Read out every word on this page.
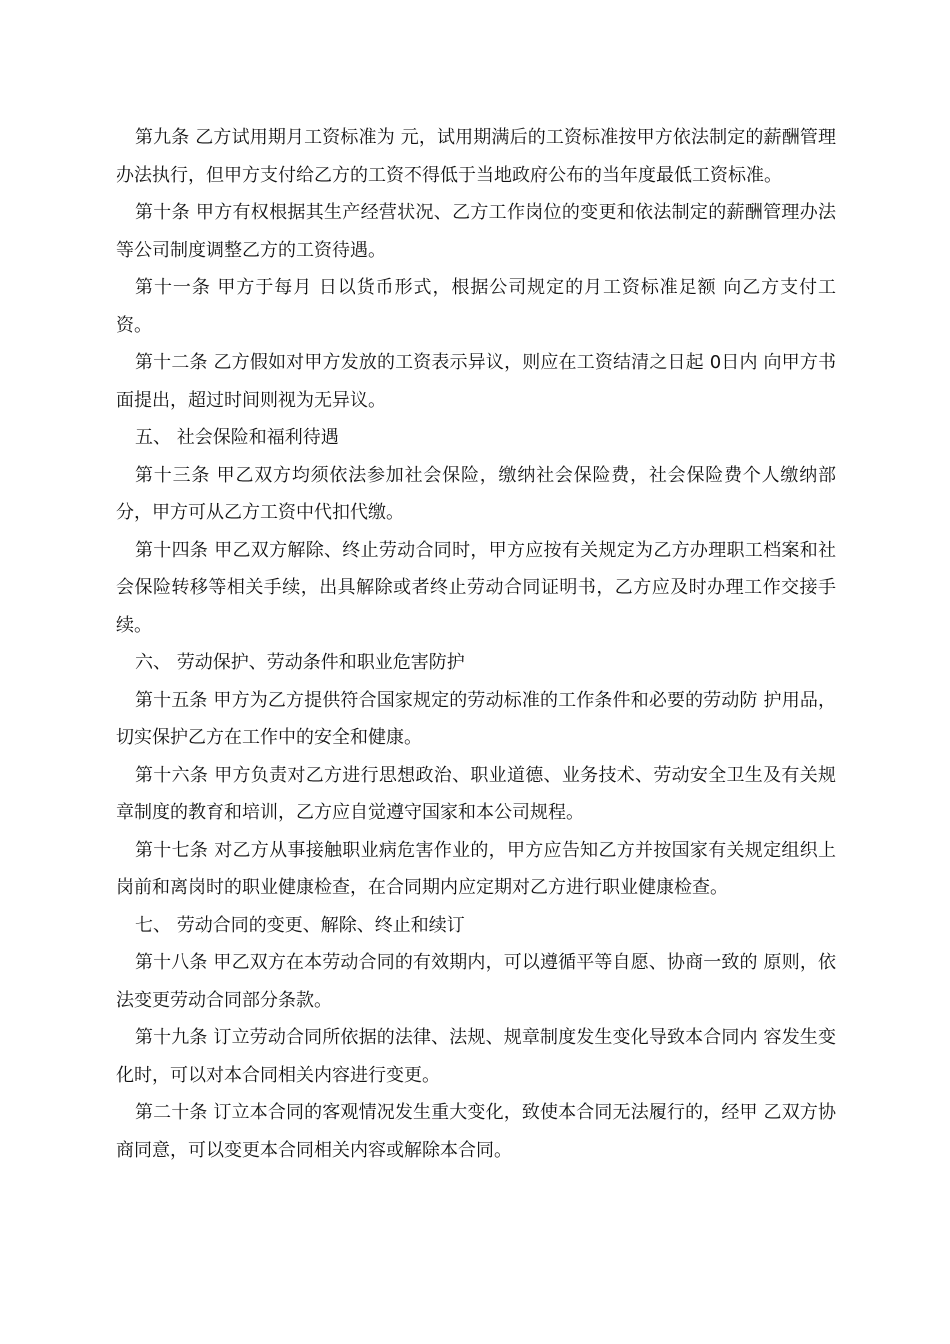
第九条 乙方试用期月工资标准为 元，试用期满后的工资标准按甲方依法制定的薪酬管理办法执行，但甲方支付给乙方的工资不得低于当地政府公布的当年度最低工资标准。

第十条 甲方有权根据其生产经营状况、乙方工作岗位的变更和依法制定的薪酬管理办法等公司制度调整乙方的工资待遇。

第十一条 甲方于每月 日以货币形式，根据公司规定的月工资标准足额 向乙方支付工资。

第十二条 乙方假如对甲方发放的工资表示异议，则应在工资结清之日起 0日内 向甲方书面提出，超过时间则视为无异议。

五、 社会保险和福利待遇

第十三条 甲乙双方均须依法参加社会保险，缴纳社会保险费，社会保险费个人缴纳部分，甲方可从乙方工资中代扣代缴。

第十四条 甲乙双方解除、终止劳动合同时，甲方应按有关规定为乙方办理职工档案和社会保险转移等相关手续，出具解除或者终止劳动合同证明书，乙方应及时办理工作交接手续。

六、 劳动保护、劳动条件和职业危害防护

第十五条 甲方为乙方提供符合国家规定的劳动标准的工作条件和必要的劳动防 护用品，切实保护乙方在工作中的安全和健康。

第十六条 甲方负责对乙方进行思想政治、职业道德、业务技术、劳动安全卫生及有关规章制度的教育和培训，乙方应自觉遵守国家和本公司规程。

第十七条 对乙方从事接触职业病危害作业的，甲方应告知乙方并按国家有关规定组织上岗前和离岗时的职业健康检查，在合同期内应定期对乙方进行职业健康检查。

七、 劳动合同的变更、解除、终止和续订

第十八条 甲乙双方在本劳动合同的有效期内，可以遵循平等自愿、协商一致的 原则，依法变更劳动合同部分条款。

第十九条 订立劳动合同所依据的法律、法规、规章制度发生变化导致本合同内 容发生变化时，可以对本合同相关内容进行变更。

第二十条 订立本合同的客观情况发生重大变化，致使本合同无法履行的，经甲 乙双方协商同意，可以变更本合同相关内容或解除本合同。
